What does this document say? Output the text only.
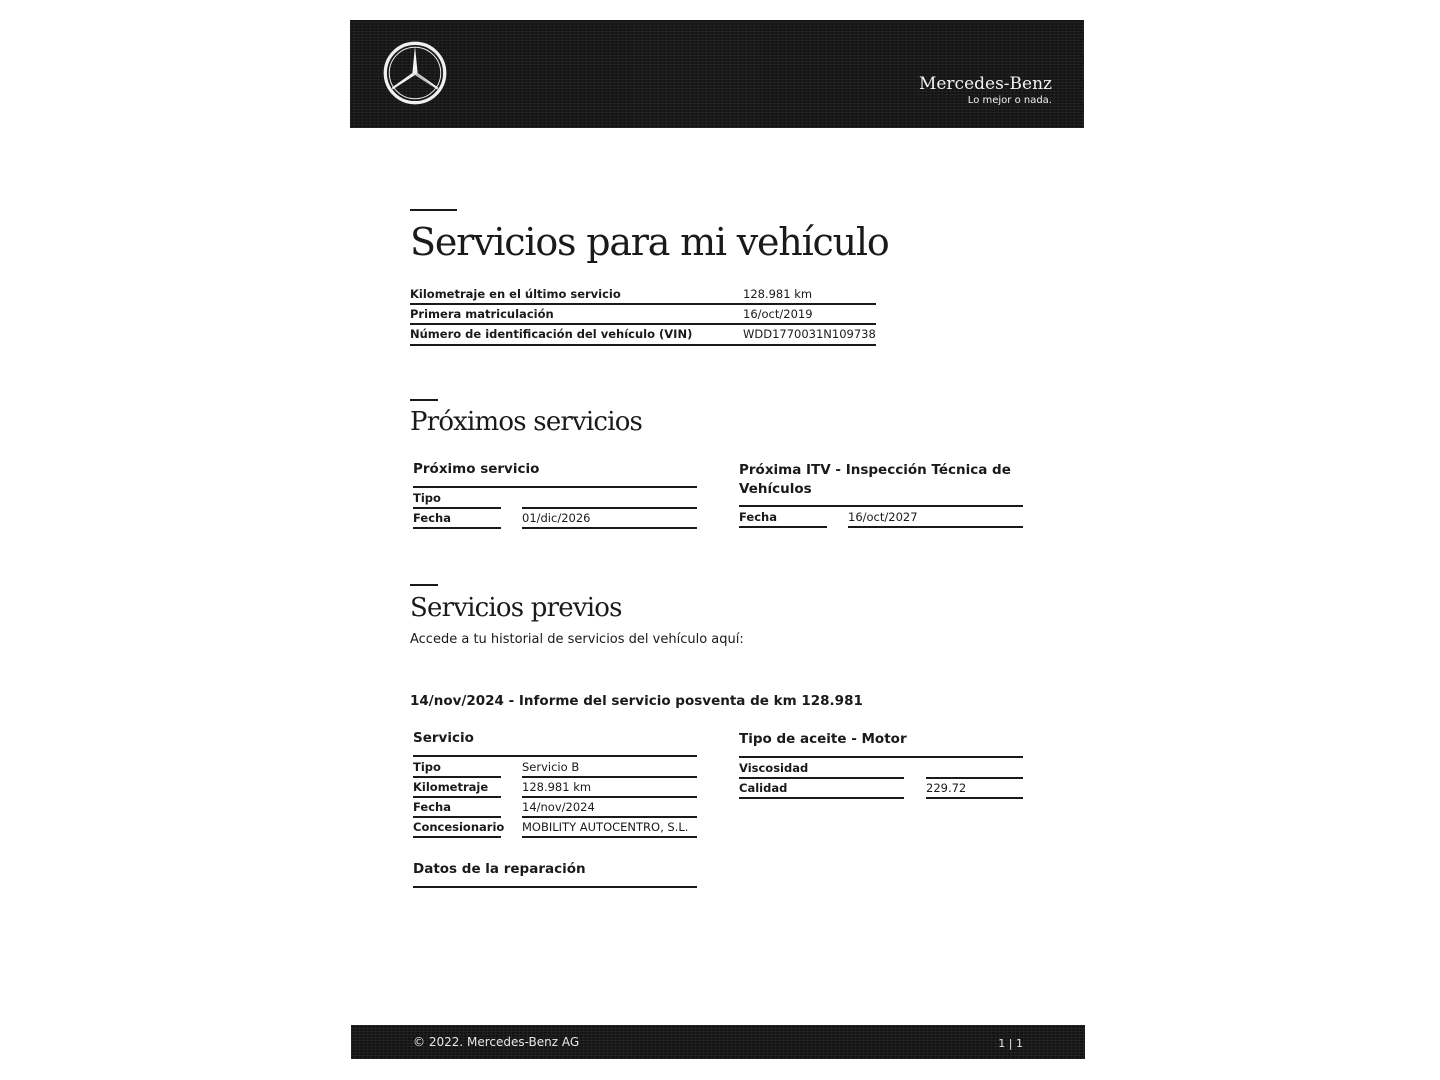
Mercedes-Benz
Lo mejor o nada.
Servicios para mi vehículo
Kilometraje en el último servicio	128.981 km
Primera matriculación	16/oct/2019
Número de identificación del vehículo (VIN)	WDD1770031N109738
Próximos servicios
Próximo servicio
Tipo
Fecha	01/dic/2026
Próxima ITV - Inspección Técnica de
Vehículos
Fecha	16/oct/2027
Servicios previos
Accede a tu historial de servicios del vehículo aquí:
14/nov/2024 - Informe del servicio posventa de km 128.981
Servicio
Tipo	Servicio B
Kilometraje	128.981 km
Fecha	14/nov/2024
Concesionario MOBILITY AUTOCENTRO, S.L.
Datos de la reparación
Tipo de aceite - Motor
Viscosidad
Calidad	229.72
© 2022. Mercedes-Benz AG	1 | 1
